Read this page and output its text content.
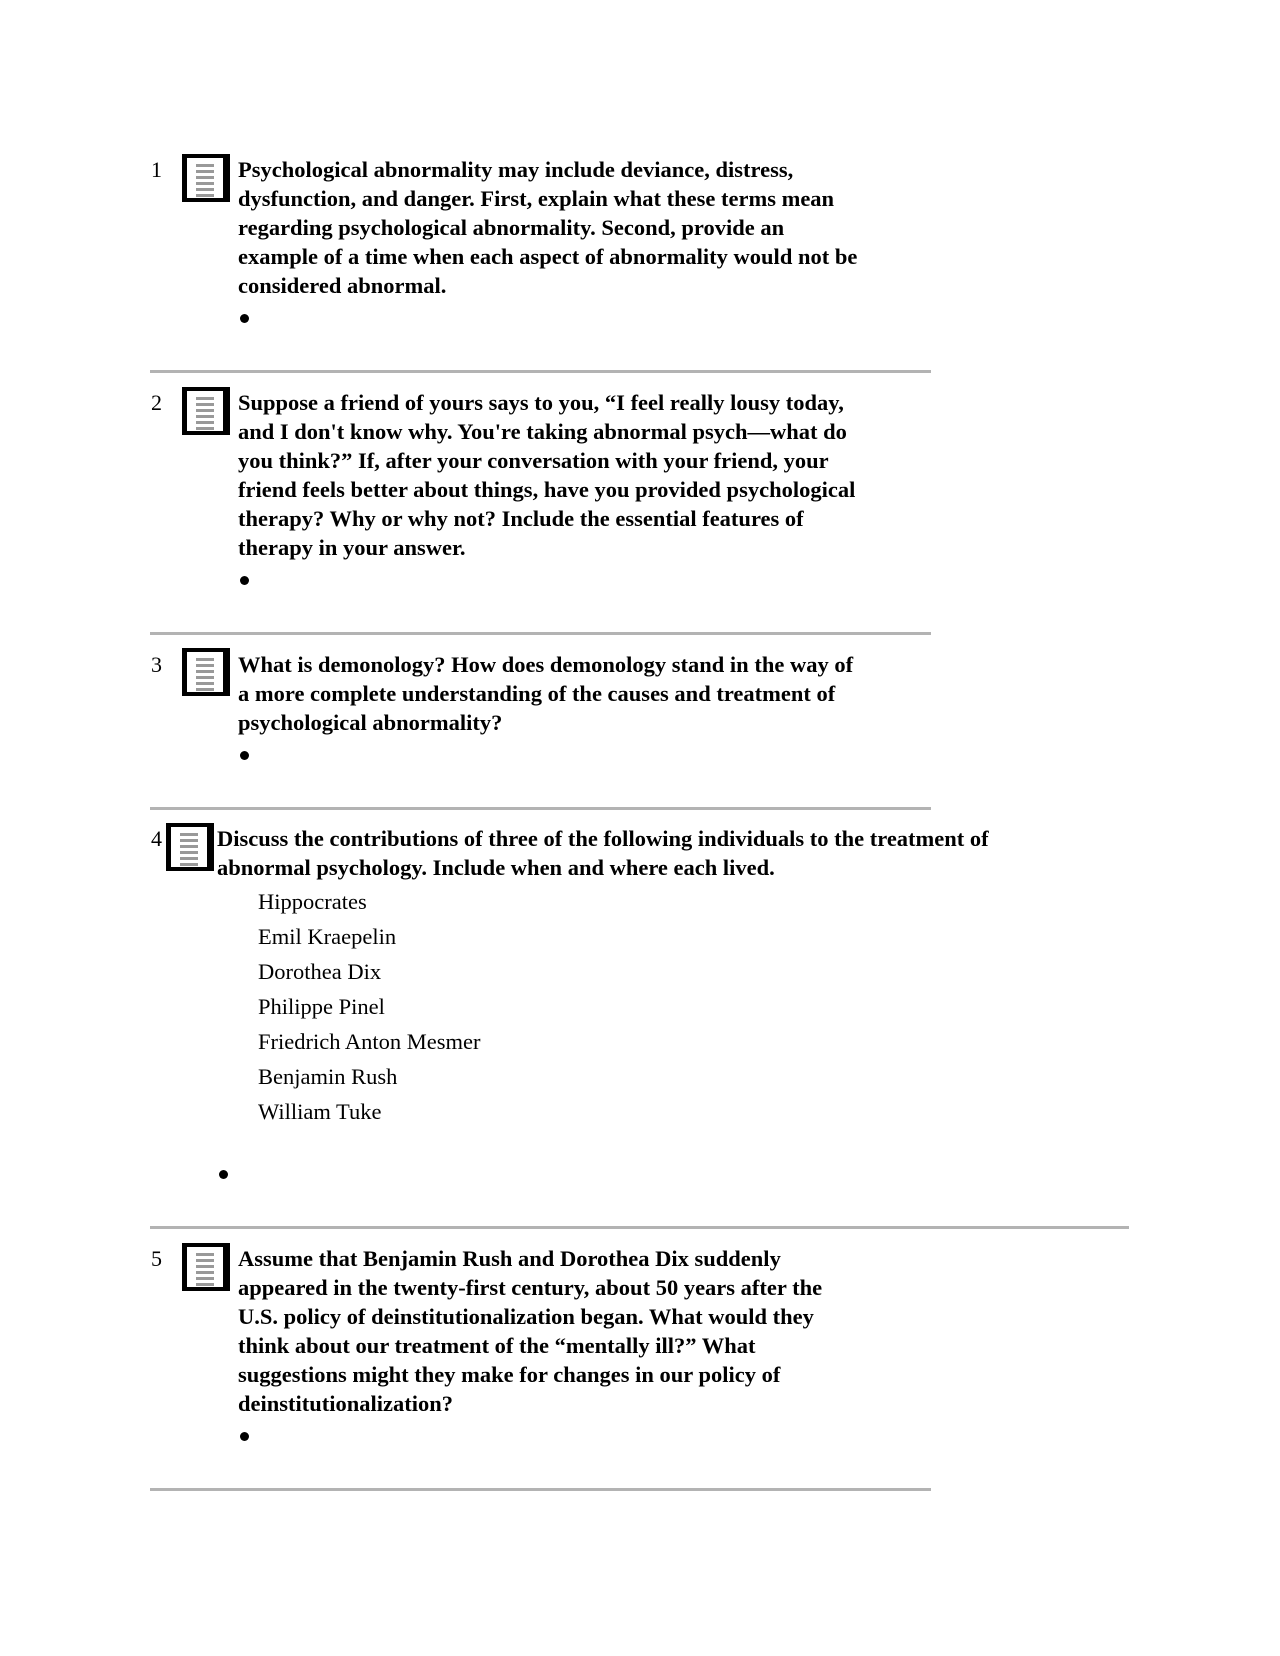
1	Psychological abnormality may include deviance, distress,
dysfunction, and danger. First, explain what these terms mean
regarding psychological abnormality. Second, provide an
example of a time when each aspect of abnormality would not be
considered abnormal.
2	Suppose a friend of yours says to you, “I feel really lousy today,
and I don't know why. You're taking abnormal psych—what do
you think?” If, after your conversation with your friend, your
friend feels better about things, have you provided psychological
therapy? Why or why not? Include the essential features of
therapy in your answer.
3	What is demonology? How does demonology stand in the way of
a more complete understanding of the causes and treatment of
psychological abnormality?
4 Discuss the contributions of three of the following individuals to the treatment of
abnormal psychology. Include when and where each lived.
Hippocrates
Emil Kraepelin
Dorothea Dix
Philippe Pinel
Friedrich Anton Mesmer
Benjamin Rush
William Tuke
5	Assume that Benjamin Rush and Dorothea Dix suddenly
appeared in the twenty-first century, about 50 years after the
U.S. policy of deinstitutionalization began. What would they
think about our treatment of the “mentally ill?” What
suggestions might they make for changes in our policy of
deinstitutionalization?
